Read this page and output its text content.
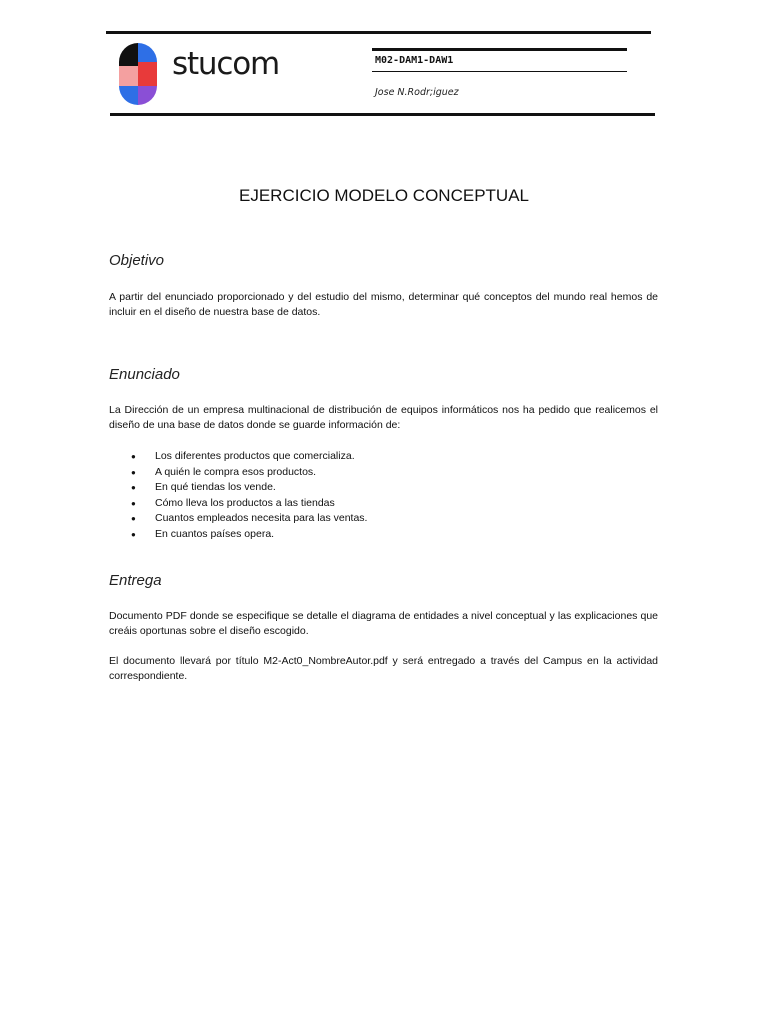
stucom	M02-DAM1-DAW1
Jose N.Rodr;iguez
EJERCICIO MODELO CONCEPTUAL
Objetivo

A partir del enunciado proporcionado y del estudio del mismo, determinar qué conceptos del mundo real hemos de incluir en el diseño de nuestra base de datos.

Enunciado

La Dirección de un empresa multinacional de distribución de equipos informáticos nos ha pedido que realicemos el diseño de una base de datos donde se guarde información de:

● Los diferentes productos que comercializa.
● A quién le compra esos productos.
● En qué tiendas los vende.
● Cómo lleva los productos a las tiendas
● Cuantos empleados necesita para las ventas.
● En cuantos países opera.
Entrega

Documento PDF donde se especifique se detalle el diagrama de entidades a nivel conceptual y las explicaciones que creáis oportunas sobre el diseño escogido.

El documento llevará por título M2-Act0_NombreAutor.pdf y será entregado a través del Campus en la actividad correspondiente.
